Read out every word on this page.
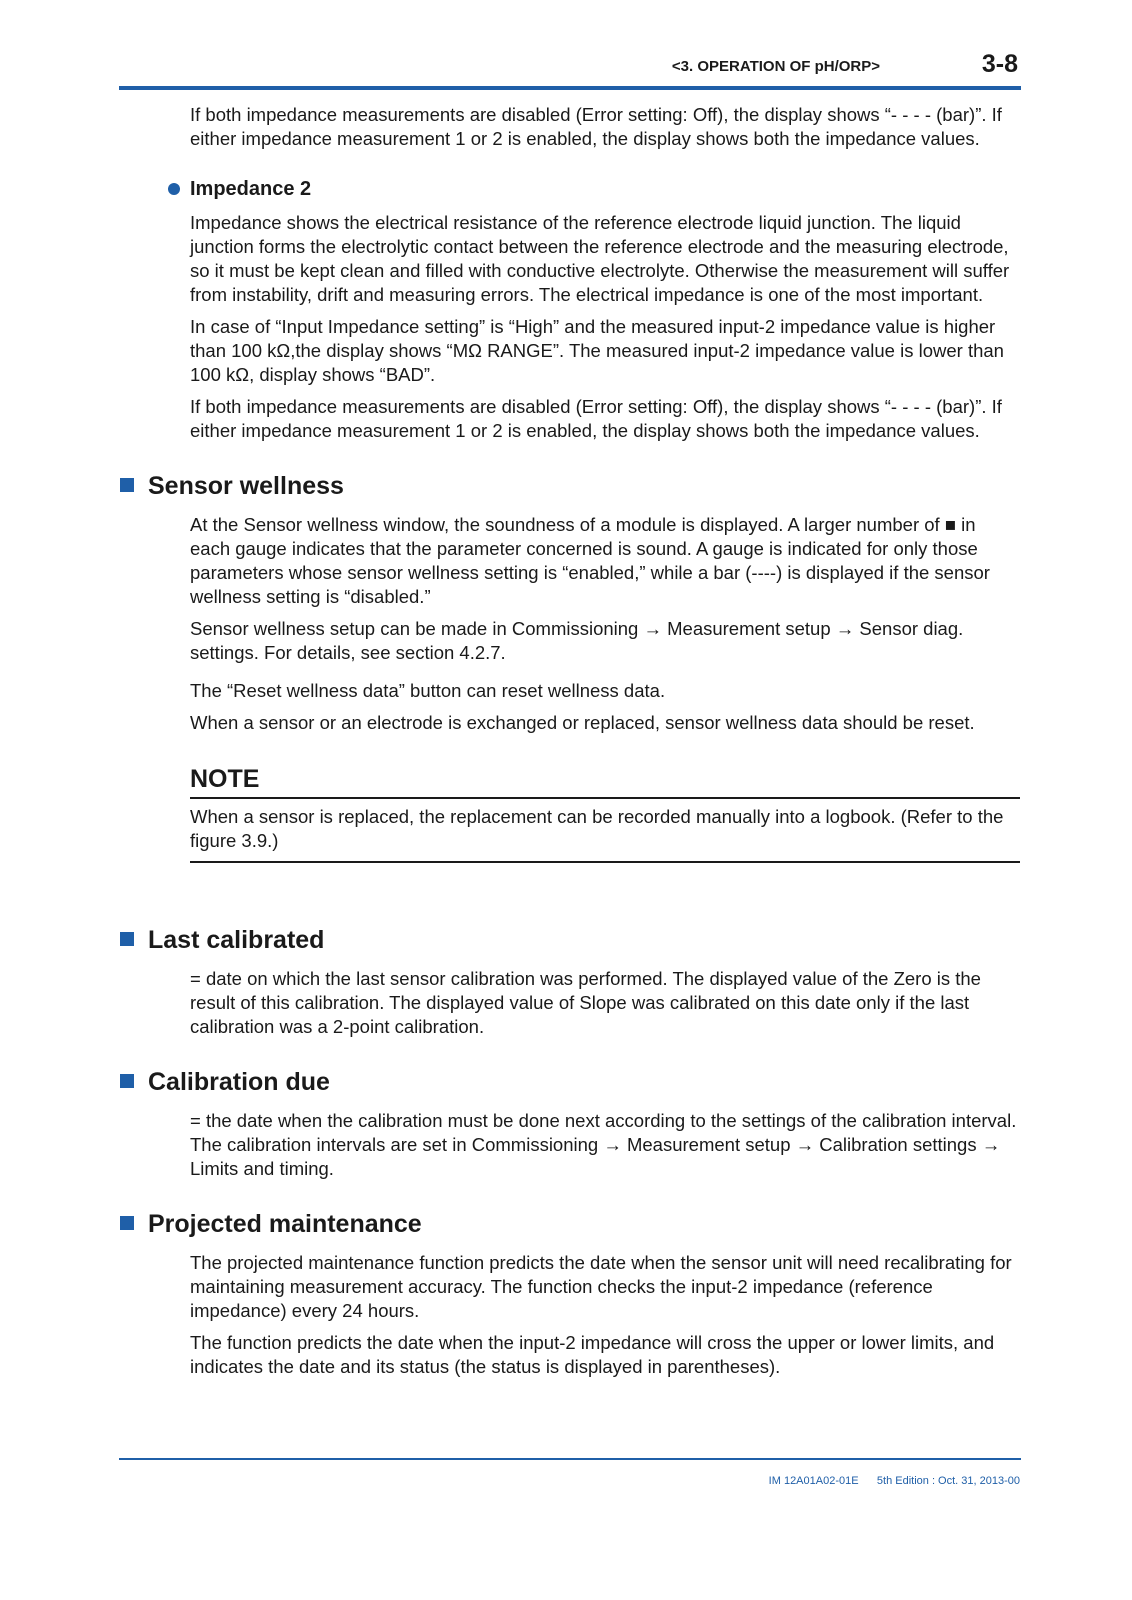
<3. OPERATION OF pH/ORP>	3-8

If both impedance measurements are disabled (Error setting: Off), the display shows “- - - - (bar)”. If either impedance measurement 1 or 2 is enabled, the display shows both the impedance values.

Impedance 2

Impedance shows the electrical resistance of the reference electrode liquid junction. The liquid junction forms the electrolytic contact between the reference electrode and the measuring electrode, so it must be kept clean and filled with conductive electrolyte. Otherwise the measurement will suffer from instability, drift and measuring errors. The electrical impedance is one of the most important.

In case of “Input Impedance setting” is “High” and the measured input-2 impedance value is higher than 100 kΩ,the display shows “MΩ RANGE”. The measured input-2 impedance value is lower than 100 kΩ, display shows “BAD”.

If both impedance measurements are disabled (Error setting: Off), the display shows “- - - - (bar)”. If either impedance measurement 1 or 2 is enabled, the display shows both the impedance values.

Sensor wellness

At the Sensor wellness window, the soundness of a module is displayed. A larger number of ■ in each gauge indicates that the parameter concerned is sound. A gauge is indicated for only those parameters whose sensor wellness setting is “enabled,” while a bar (----) is displayed if the sensor wellness setting is “disabled.”

Sensor wellness setup can be made in Commissioning → Measurement setup → Sensor diag. settings. For details, see section 4.2.7.

The “Reset wellness data” button can reset wellness data.

When a sensor or an electrode is exchanged or replaced, sensor wellness data should be reset.

NOTE
When a sensor is replaced, the replacement can be recorded manually into a logbook. (Refer to the figure 3.9.)
Last calibrated

= date on which the last sensor calibration was performed. The displayed value of the Zero is the result of this calibration. The displayed value of Slope was calibrated on this date only if the last calibration was a 2-point calibration.

Calibration due

= the date when the calibration must be done next according to the settings of the calibration interval. The calibration intervals are set in Commissioning → Measurement setup → Calibration settings → Limits and timing.

Projected maintenance

The projected maintenance function predicts the date when the sensor unit will need recalibrating for maintaining measurement accuracy. The function checks the input-2 impedance (reference impedance) every 24 hours.

The function predicts the date when the input-2 impedance will cross the upper or lower limits, and indicates the date and its status (the status is displayed in parentheses).

IM 12A01A02-01E 5th Edition : Oct. 31, 2013-00
